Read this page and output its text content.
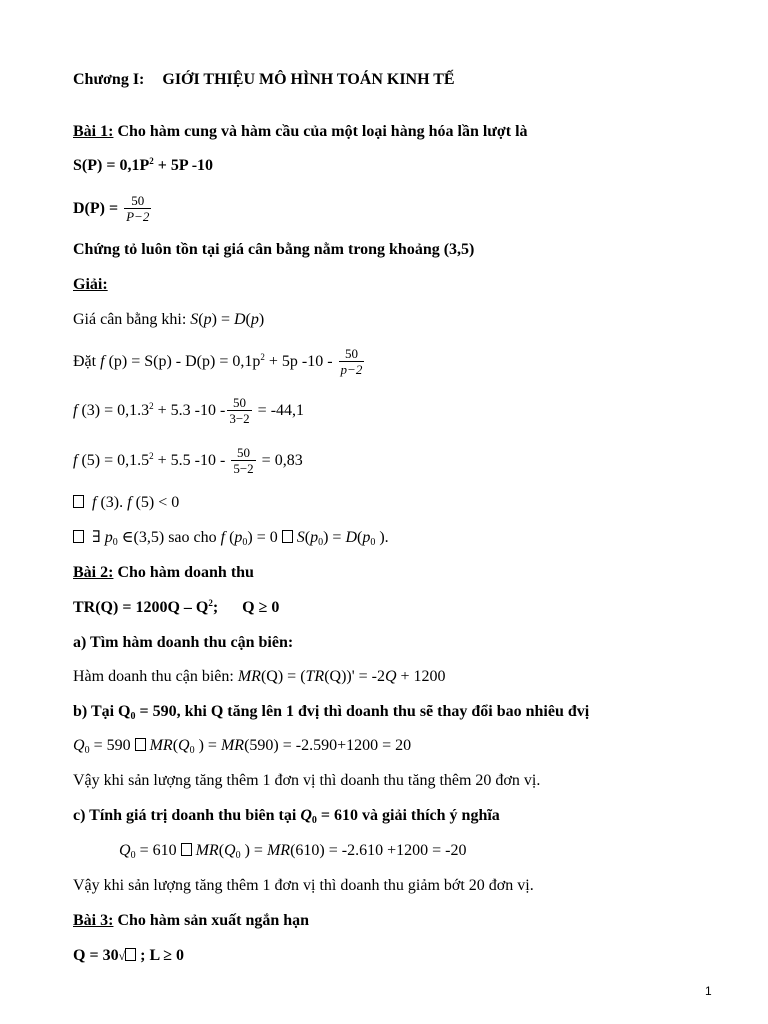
Chương I: GIỚI THIỆU MÔ HÌNH TOÁN KINH TẾ
Bài 1: Cho hàm cung và hàm cầu của một loại hàng hóa lần lượt là
$S(P) = 0,1P^2 + 5P$ -10
$D(P) = \frac{50}{P-2}$
Chứng tỏ luôn tồn tại giá cân bằng nằm trong khoảng (3,5)
Giải:
Giá cân bằng khi: S(p) = D(p)
Đặt f $(p) = S(p) - D(p) = 0,1p^2 + 5p$ $-10 - \frac{50}{p-2}$
f $(3) = 0,1.3^2 + 5.3$ $-10 - \frac{50}{3-2} = -44,1$
f $(5) = 0,1.5^2 + 5.5$ $-10 - \frac{50}{5-2} = 0,83$
f (3). f (5) < 0
∃ $p_0$ ∈(3,5) sao cho f $(p_0) = 0$ $S(p_0) = D(p_0$ ).
Bài 2: Cho hàm doanh thu
$TR(Q) = 1200Q - Q^2$;      Q ≥ 0
a) Tìm hàm doanh thu cận biên:
Hàm doanh thu cận biên: MR(Q) = (TR(Q))' = -2Q + 1200
b) Tại $Q_0 = 590$, khi Q tăng lên 1 đvị thì doanh thu sẽ thay đổi bao nhiêu đvị
$Q_0 = 590$ $MR(Q_0$ ) = MR(590) = -2.590+1200 = 20
Vậy khi sản lượng tăng thêm 1 đơn vị thì doanh thu tăng thêm 20 đơn vị.
c) Tính giá trị doanh thu biên tại $Q_0 = 610$ và giải thích ý nghĩa
$Q_0 = 610$ $MR(Q_0$ ) = MR(610) = -2.610 +1200 = -20
Vậy khi sản lượng tăng thêm 1 đơn vị thì doanh thu giảm bớt 20 đơn vị.
Bài 3: Cho hàm sản xuất ngắn hạn
Q = 30√ ; L ≥ 0
1
